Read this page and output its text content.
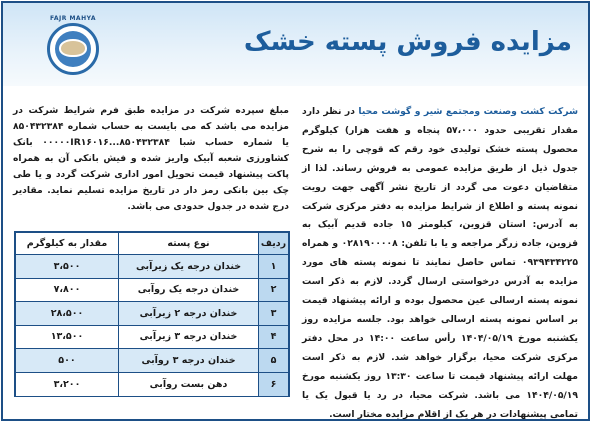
مزایده فروش پسته خشک
FAJR MAHYA
شرکت کشت وصنعت ومجتمع شیر و گوشت محیا در نظر دارد مقدار تقریبی حدود ۵۷،۰۰۰ پنجاه و هفت هزار) کیلوگرم محصول پسته خشک تولیدی خود رقم که قوچی را به شرح جدول ذیل از طریق مزایده عمومی به فروش رساند. لذا از متقاضیان دعوت می گردد از تاریخ نشر آگهی جهت رویت نمونه پسته و اطلاع از شرایط مزایده به دفتر مرکزی شرکت به آدرس: استان قزوین، کیلومتر ۱۵ جاده قدیم آبیک به قزوین، جاده زرگر مراجعه و یا با تلفن: ۰۲۸۱۹۰۰۰۰۸ و همراه ۰۹۳۹۴۳۴۲۲۵ تماس حاصل نمایند تا نمونه پسته های مورد مزایده به آدرس درخواستی ارسال گردد. لازم به ذکر است نمونه پسته ارسالی عین محصول بوده و ارائه پیشنهاد قیمت بر اساس نمونه پسته ارسالی خواهد بود. جلسه مزایده روز یکشنبه مورخ ۱۴۰۴/۰۵/۱۹ رأس ساعت ۱۴:۰۰ در محل دفتر مرکزی شرکت محیا، برگزار خواهد شد. لازم به ذکر است مهلت ارائه پیشنهاد قیمت تا ساعت ۱۳:۳۰ روز یکشنبه مورخ ۱۴۰۴/۰۵/۱۹ می باشد. شرکت محیا، در رد یا قبول یک یا تمامی پیشنهادات در هر یک از اقلام مزایده مختار است.
مبلغ سپرده شرکت در مزایده طبق فرم شرایط شرکت در مزایده می باشد که می بایست به حساب شماره ۸۵۰۴۳۲۳۸۴ یا شماره حساب شبا ۸۵۰۴۳۲۳۸۴...۰۰۰۰۰IR۱۶۰۱۶ بانک کشاورزی شعبه آبیک واریز شده و فیش بانکی آن به همراه پاکت پیشنهاد قیمت تحویل امور اداری شرکت گردد و یا طی چک بین بانکی رمز دار در تاریخ مزایده تسلیم نماید. مقادیر درج شده در جدول حدودی می باشد.
ردیف
نوع پسته
مقدار به کیلوگرم
۱
خندان درجه یک زیرآبی
۳،۵۰۰
۲
خندان درجه یک روآبی
۷،۸۰۰
۳
خندان درجه ۲ زیرآبی
۲۸،۵۰۰
۴
خندان درجه ۳ زیرآبی
۱۳،۵۰۰
۵
خندان درجه ۳ روآبی
۵۰۰
۶
دهن بست روآبی
۳،۲۰۰
